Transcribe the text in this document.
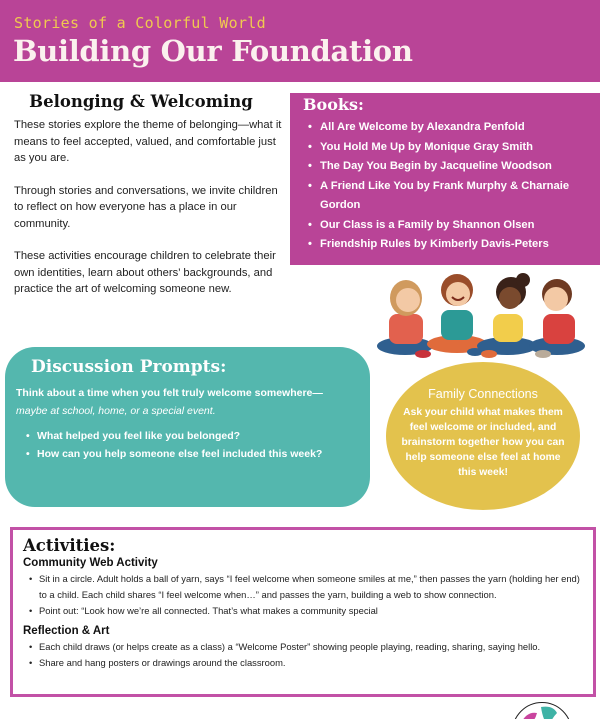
Stories of a Colorful World
Building Our Foundation
Belonging & Welcoming

These stories explore the theme of belonging—what it means to feel accepted, valued, and comfortable just as you are.

Through stories and conversations, we invite children to reflect on how everyone has a place in our community.

These activities encourage children to celebrate their own identities, learn about others’ backgrounds, and practice the art of welcoming someone new.

Books:
• All Are Welcome by Alexandra Penfold
• You Hold Me Up by Monique Gray Smith
• The Day You Begin by Jacqueline Woodson
• A Friend Like You by Frank Murphy & Charnaie Gordon
• Our Class is a Family by Shannon Olsen
• Friendship Rules by Kimberly Davis-Peters
Discussion Prompts:

Think about a time when you felt truly welcome somewhere—
maybe at school, home, or a special event.

• What helped you feel like you belonged?
• How can you help someone else feel included this week?
Family Connections

Ask your child what makes them feel welcome or included, and brainstorm together how you can help someone else feel at home this week!

Activities:
Community Web Activity
• Sit in a circle. Adult holds a ball of yarn, says “I feel welcome when someone smiles at me,” then passes the yarn (holding her end) to a child. Each child shares “I feel welcome when…” and passes the yarn, building a web to show connection.
• Point out: “Look how we’re all connected. That’s what makes a community special
Reflection & Art
• Each child draws (or helps create as a class) a “Welcome Poster” showing people playing, reading, sharing, saying hello.
• Share and hang posters or drawings around the classroom.
